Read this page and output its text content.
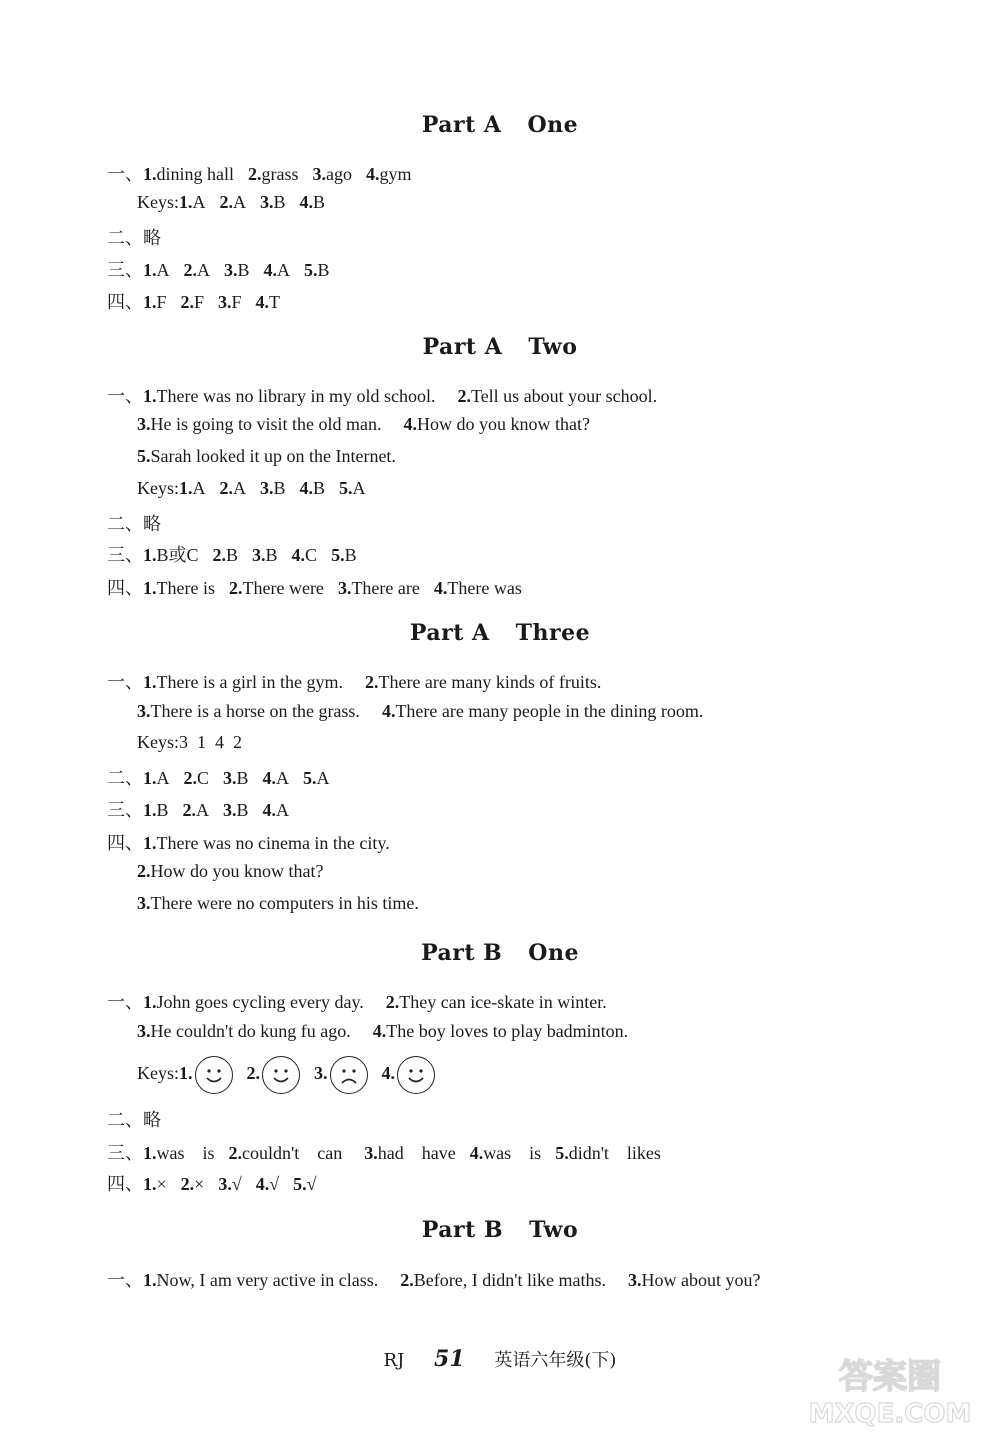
Part A One
Part A Two
Part A Three
Part B One
Part B Two
一、1.dining hall 2.grass 3.ago 4.gym
Keys:1.A 2.A 3.B 4.B
二、略
三、1.A 2.A 3.B 4.A 5.B
四、1.F 2.F 3.F 4.T
一、1.There was no library in my old school. 2.Tell us about your school.
3.He is going to visit the old man. 4.How do you know that?
5.Sarah looked it up on the Internet.
Keys:1.A 2.A 3.B 4.B 5.A
二、略
三、1.B或C 2.B 3.B 4.C 5.B
四、1.There is 2.There were 3.There are 4.There was
一、1.There is a girl in the gym. 2.There are many kinds of fruits.
3.There is a horse on the grass. 4.There are many people in the dining room.
Keys:3  1  4  2
二、1.A 2.C 3.B 4.A 5.A
三、1.B 2.A 3.B 4.A
四、1.There was no cinema in the city.
2.How do you know that?
3.There were no computers in his time.
一、1.John goes cycling every day. 2.They can ice-skate in winter.
3.He couldn't do kung fu ago. 4.The boy loves to play badminton.
Keys:1.	2.	3.	4.
二、略
三、1.was is 2.couldn't can 3.had have 4.was is 5.didn't likes
四、1.× 2.× 3.√ 4.√ 5.√
一、1.Now, I am very active in class. 2.Before, I didn't like maths. 3.How about you?
RJ 51 英语六年级(下)	答案圈
MXQE.COM
